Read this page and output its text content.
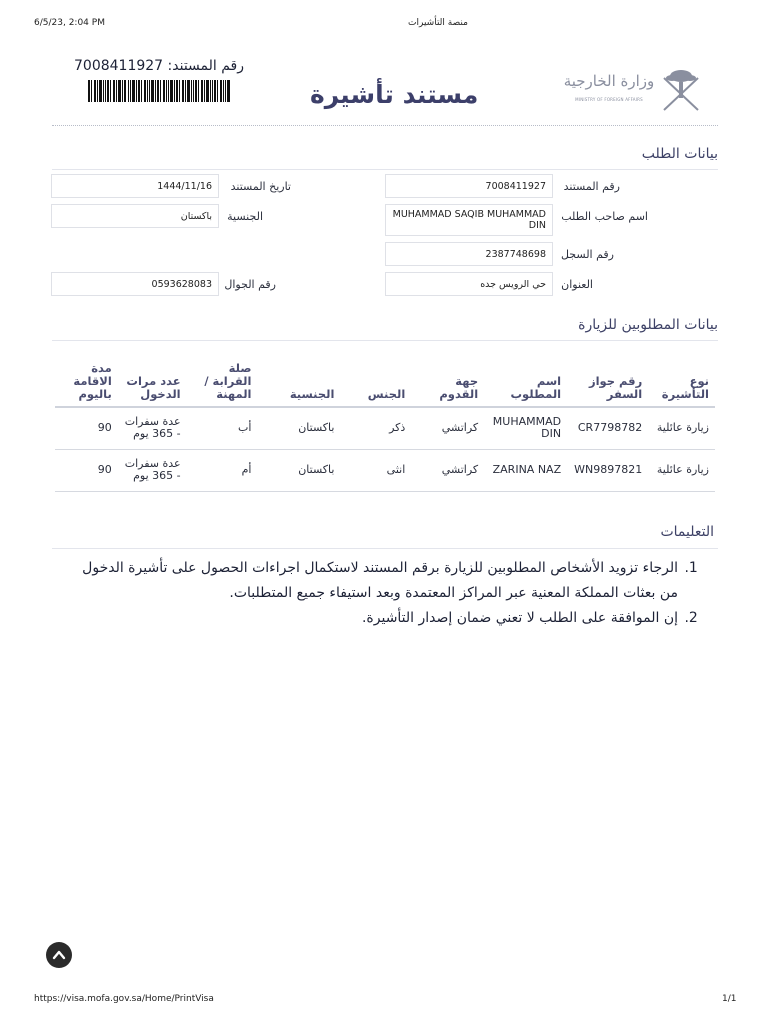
6/5/23, 2:04 PM	منصة التأشيرات
رقم المستند: 7008411927
مستند تأشيرة	وزارة الخارجية
MINISTRY OF FOREIGN AFFAIRS
بيانات الطلب
رقم المستند
7008411927
اسم صاحب الطلب
MUHAMMAD SAQIB MUHAMMAD DIN
رقم السجل
2387748698
العنوان
حي الرويس جده
تاريخ المستند
1444/11/16
الجنسية
باكستان
رقم الجوال
0593628083
بيانات المطلوبين للزيارة
نوع التأشيرة	رقم جواز السفر	اسم المطلوب	جهة القدوم	الجنس	الجنسية	صلة القرابة / المهنة	عدد مرات الدخول	مدة الاقامة باليوم
زيارة عائلية	CR7798782	MUHAMMAD DIN	كراتشي	ذكر	باكستان	أب	عدة سفرات - 365 يوم	90
زيارة عائلية	WN9897821	ZARINA NAZ	كراتشي	انثى	باكستان	أم	عدة سفرات - 365 يوم	90
التعليمات
1. الرجاء تزويد الأشخاص المطلوبين للزيارة برقم المستند لاستكمال اجراءات الحصول على تأشيرة الدخول من بعثات المملكة المعنية عبر المراكز المعتمدة وبعد استيفاء جميع المتطلبات.
2. إن الموافقة على الطلب لا تعني ضمان إصدار التأشيرة.
https://visa.mofa.gov.sa/Home/PrintVisa	1/1
